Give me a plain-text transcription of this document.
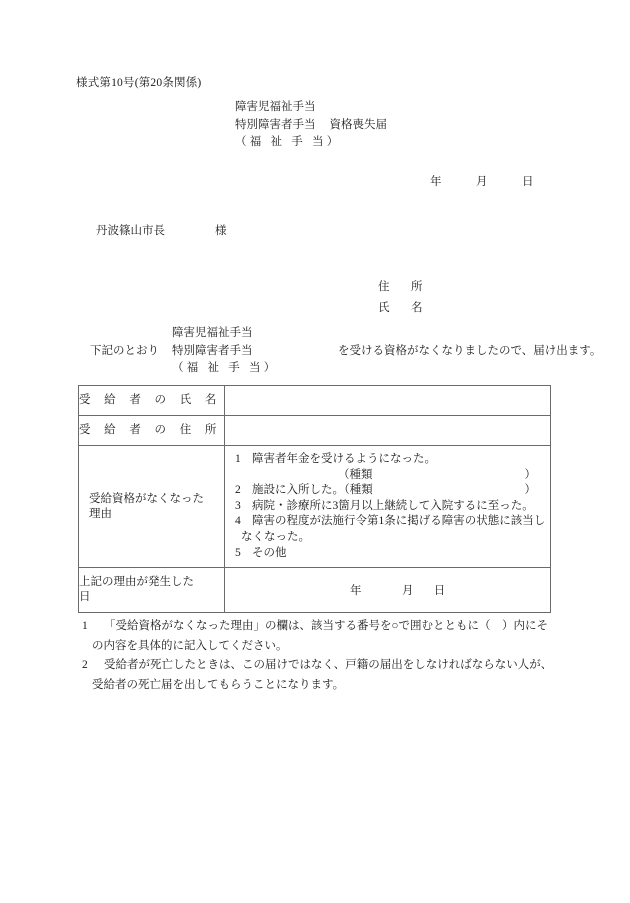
様式第10号(第20条関係)
障害児福祉手当
特別障害者手当 資格喪失届
（福 祉 手 当）
年	月	日
丹波篠山市長	様
住　所
氏　名
下記のとおり
障害児福祉手当
特別障害者手当
（福 祉 手 当）
を受ける資格がなくなりましたので、届け出ます。
受 給 者 の 氏 名	
受 給 者 の 住 所	

受給資格がなくなった
理由

1 障害者年金を受けるようになった。
（種類	）
2 施設に入所した。（種類	）
3 病院・診療所に3箇月以上継続して入院するに至った。
4 障害の程度が法施行令第1条に掲げる障害の状態に該当し
なくなった。
5 その他

上記の理由が発生した
日	年 月 日
1 「受給資格がなくなった理由」の欄は、該当する番号を○で囲むとともに（　）内にそ
の内容を具体的に記入してください。
2 受給者が死亡したときは、この届けではなく、戸籍の届出をしなければならない人が、
受給者の死亡届を出してもらうことになります。
